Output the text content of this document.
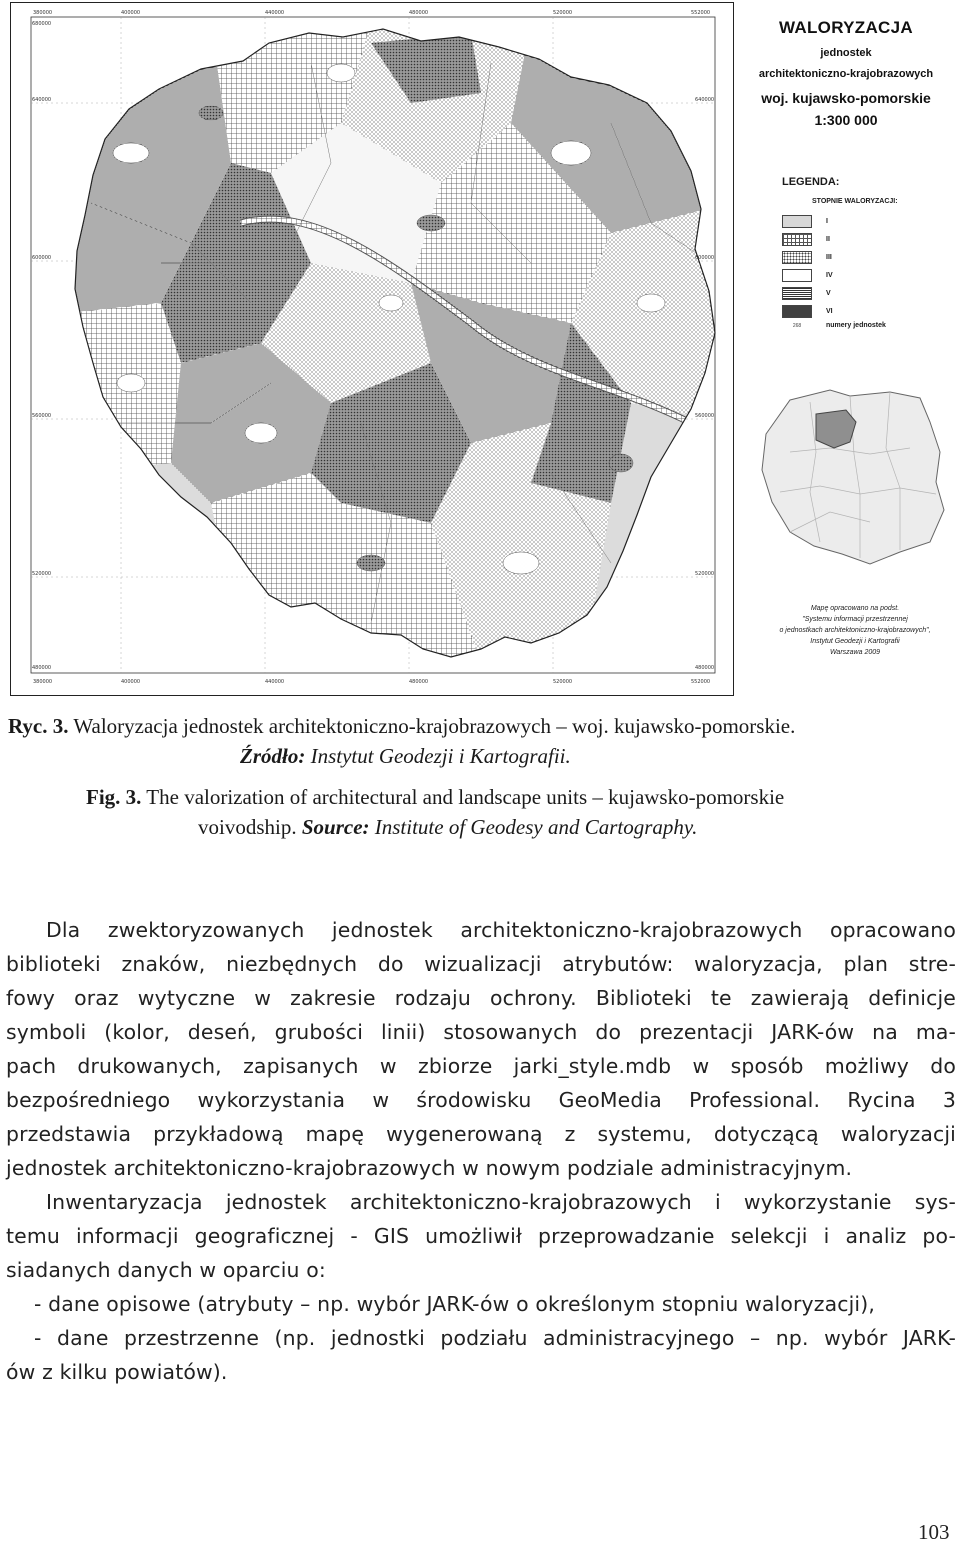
380000	400000	440000	480000	520000	552000
380000	400000	440000	480000	520000	552000
640000
600000
560000
520000
480000
680000
640000
600000
560000
520000
480000
WALORYZACJA
jednostek
architektoniczno-krajobrazowych
woj. kujawsko-pomorskie
1:300 000
LEGENDA:
STOPNIE WALORYZACJI:
I
II
III
IV
V
VI
268	numery jednostek
Mapę opracowano na podst.
"Systemu informacji przestrzennej
o jednostkach architektoniczno-krajobrazowych",
Instytut Geodezji i Kartografii
Warszawa 2009
Ryc. 3. Waloryzacja jednostek architektoniczno-krajobrazowych – woj. kujawsko-pomorskie.
Źródło: Instytut Geodezji i Kartografii.
Fig. 3. The valorization of architectural and landscape units – kujawsko-pomorskie
voivodship. Source: Institute of Geodesy and Cartography.
Dla zwektoryzowanych jednostek architektoniczno-krajobrazowych opracowano
biblioteki znaków, niezbędnych do wizualizacji atrybutów: waloryzacja, plan stre-
fowy oraz wytyczne w zakresie rodzaju ochrony. Biblioteki te zawierają definicje
symboli (kolor, deseń, grubości linii) stosowanych do prezentacji JARK-ów na ma-
pach drukowanych, zapisanych w zbiorze jarki_style.mdb w sposób możliwy do
bezpośredniego wykorzystania w środowisku GeoMedia Professional. Rycina 3
przedstawia przykładową mapę wygenerowaną z systemu, dotyczącą waloryzacji
jednostek architektoniczno-krajobrazowych w nowym podziale administracyjnym.
Inwentaryzacja jednostek architektoniczno-krajobrazowych i wykorzystanie sys-
temu informacji geograficznej - GIS umożliwił przeprowadzanie selekcji i analiz po-
siadanych danych w oparciu o:
- dane opisowe (atrybuty – np. wybór JARK-ów o określonym stopniu waloryzacji),
- dane przestrzenne (np. jednostki podziału administracyjnego – np. wybór JARK-
ów z kilku powiatów).
103
